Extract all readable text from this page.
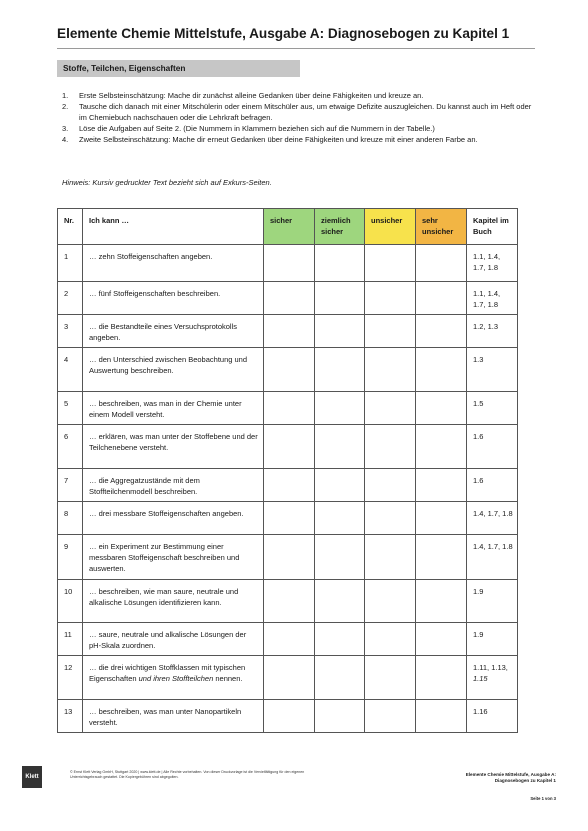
Elemente Chemie Mittelstufe, Ausgabe A: Diagnosebogen zu Kapitel 1
Stoffe, Teilchen, Eigenschaften
1. Erste Selbsteinschätzung: Mache dir zunächst alleine Gedanken über deine Fähigkeiten und kreuze an.
2. Tausche dich danach mit einer Mitschülerin oder einem Mitschüler aus, um etwaige Defizite auszugleichen. Du kannst auch im Heft oder im Chemiebuch nachschauen oder die Lehrkraft befragen.
3. Löse die Aufgaben auf Seite 2. (Die Nummern in Klammern beziehen sich auf die Nummern in der Tabelle.)
4. Zweite Selbsteinschätzung: Mache dir erneut Gedanken über deine Fähigkeiten und kreuze mit einer anderen Farbe an.
Hinweis: Kursiv gedruckter Text bezieht sich auf Exkurs-Seiten.
Nr.	Ich kann …	sicher	ziemlich sicher	unsicher	sehr unsicher	Kapitel im Buch
1	… zehn Stoffeigenschaften angeben.					1.1, 1.4, 1.7, 1.8
2	… fünf Stoffeigenschaften beschreiben.					1.1, 1.4, 1.7, 1.8
3	… die Bestandteile eines Versuchsprotokolls angeben.					1.2, 1.3
4	… den Unterschied zwischen Beobachtung und Auswertung beschreiben.					1.3
5	… beschreiben, was man in der Chemie unter einem Modell versteht.					1.5
6	… erklären, was man unter der Stoffebene und der Teilchenebene versteht.					1.6
7	… die Aggregatzustände mit dem Stoffteilchenmodell beschreiben.					1.6
8	… drei messbare Stoffeigenschaften angeben.					1.4, 1.7, 1.8
9	… ein Experiment zur Bestimmung einer messbaren Stoffeigenschaft beschreiben und auswerten.					1.4, 1.7, 1.8
10	… beschreiben, wie man saure, neutrale und alkalische Lösungen identifizieren kann.					1.9
11	… saure, neutrale und alkalische Lösungen der pH-Skala zuordnen.					1.9
12	… die drei wichtigen Stoffklassen mit typischen Eigenschaften und ihren Stoffteilchen nennen.					1.11, 1.13,
1.15
13	… beschreiben, was man unter Nanopartikeln versteht.					1.16
Klett
© Ernst Klett Verlag GmbH, Stuttgart 2020 | www.klett.de | Alle Rechte vorbehalten. Von dieser Druckvorlage ist die Vervielfältigung für den eigenen Unterrichtsgebrauch gestattet. Die Kopiergebühren sind abgegolten.
Elemente Chemie Mittelstufe, Ausgabe A:
Diagnosebogen zu Kapitel 1
Seite 1 von 3
